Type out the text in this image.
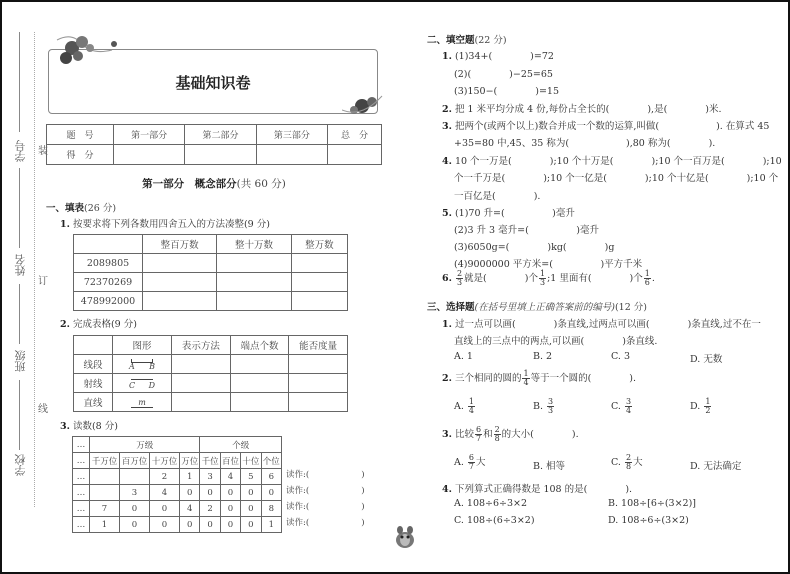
学号
姓名
班级
学校
装
订
线
基础知识卷
题　号	第一部分	第二部分	第三部分	总　分
得　分				
第一部分　概念部分(共 60 分)
一、填表(26 分)
1. 按要求将下列各数用四舍五入的方法凑整(9 分)
	整百万数	整十万数	整万数
2089805			
72370269			
478992000			
2. 完成表格(9 分)
	图形	表示方法	端点个数	能否度量
线段	A B			

射线	C D			

直线	m			
3. 读数(8 分)
…	万级				个级			
…	千万位	百万位	十万位	万位	千位	百位	十位	个位
…			2	1	3	4	5	6
…		3	4	0	0	0	0	0
…	7	0	0	4	2	0	0	8
…	1	0	0	0	0	0	0	1
读作:(	)
读作:(	)
读作:(	)
读作:(	)
二、填空题(22 分)
1. (1)34+(　　　　)=72
(2)(　　　　)−25=65
(3)150−(　　　　)=15
2. 把 1 米平均分成 4 份,每份占全长的(　　　　),是(　　　　)米.
3. 把两个(或两个以上)数合并成一个数的运算,叫做(　　　　　　). 在算式 45
+35=80 中,45、35 称为(　　　　　　),80 称为(　　　　).
4. 10 个一万是(　　　　);10 个十万是(　　　　);10 个一百万是(　　　　);10
个一千万是(　　　　);10 个一亿是(　　　　);10 个十亿是(　　　　);10 个
一百亿是(　　　　).
5. (1)70 升=(　　　　　)毫升
(2)3 升 3 毫升=(　　　　　)毫升
(3)6050g=(　　　　)kg(　　　　)g
(4)9000000 平方米=(　　　　　)平方千米
6. $\frac{2}{3}$ 就是(　　　　)个 $\frac{1}{3}$ ;1 里面有(　　　　)个 $\frac{1}{6}$ .
三、选择题(在括号里填上正确答案前的编号)(12 分)
1. 过一点可以画(　　　　)条直线,过两点可以画(　　　　)条直线,过不在一
直线上的三点中的两点,可以画(　　　　)条直线.
A. 1	B. 2	C. 3	D. 无数
2. 三个相同的圆的 $\frac{1}{4}$ 等于一个圆的(　　　　).
A. $\frac{1}{4}$	B. $\frac{3}{3}$	C. $\frac{3}{4}$	D. $\frac{1}{2}$
3. 比较 $\frac{6}{7}$ 和 $\frac{2}{8}$ 的大小(　　　　).
A. $\frac{6}{7}$ 大	B. 相等	C. $\frac{2}{8}$ 大	D. 无法确定
4. 下列算式正确得数是 108 的是(　　　　).
A. 108÷6÷3×2	B. 108÷[6÷(3×2)]
C. 108÷(6÷3×2)	D. 108÷6÷(3×2)
